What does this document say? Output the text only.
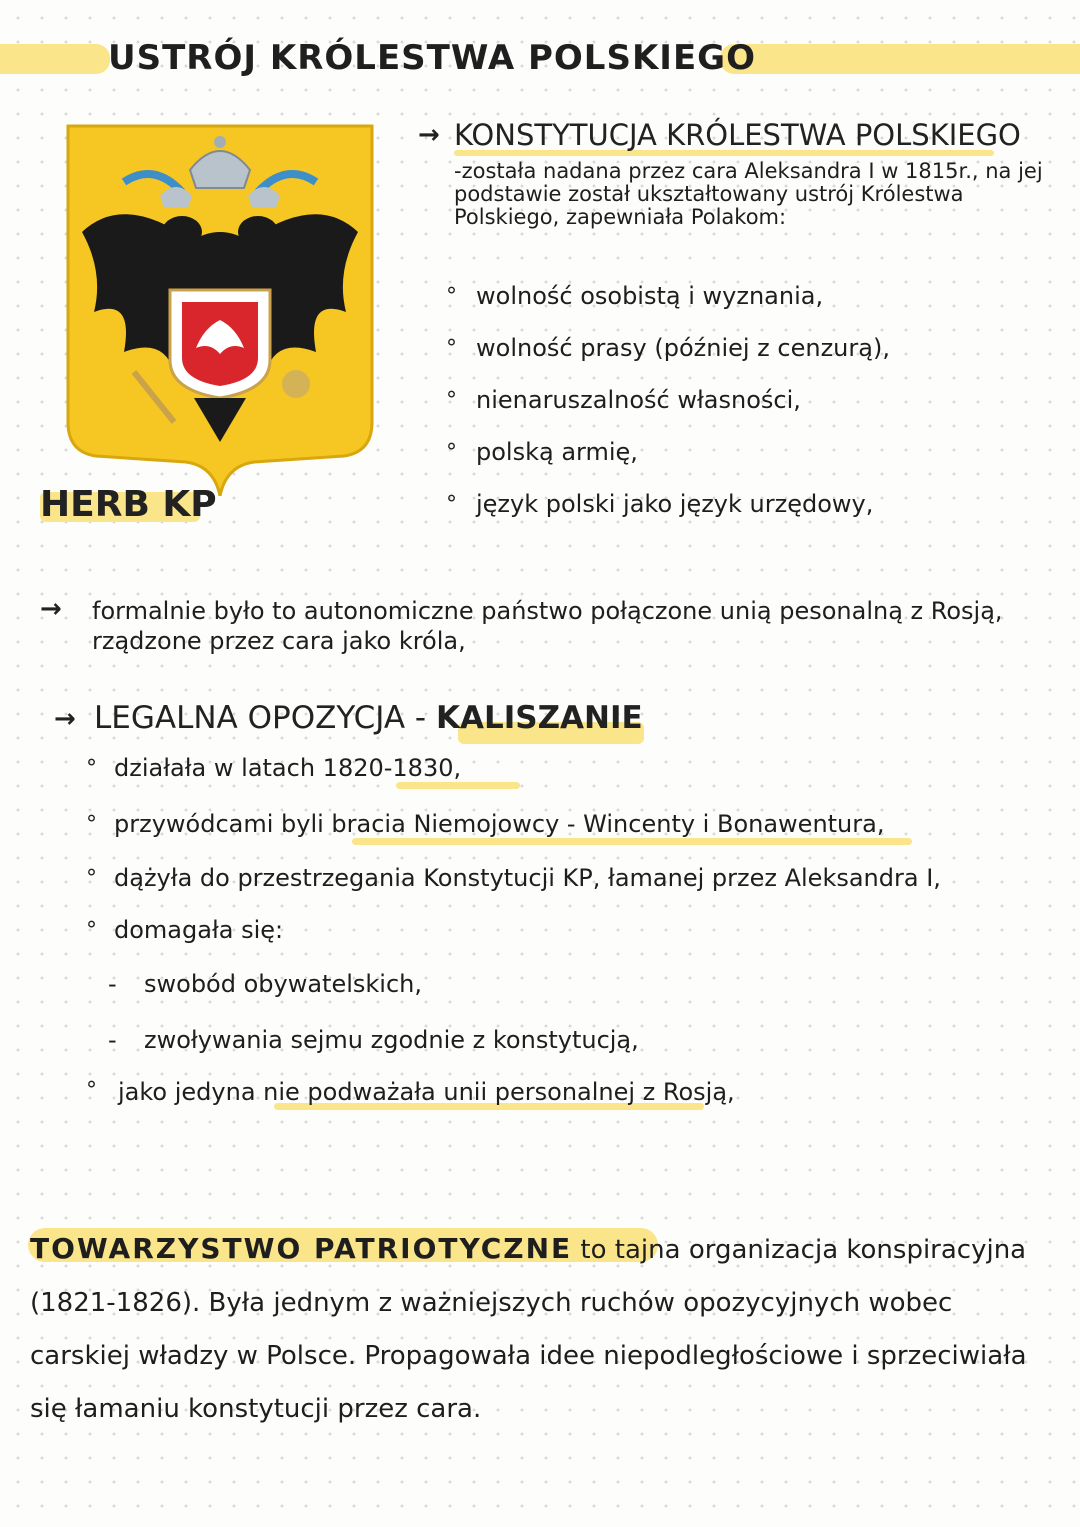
USTRÓJ KRÓLESTWA POLSKIEGO
HERB KP
→ KONSTYTUCJA KRÓLESTWA POLSKIEGO
-została nadana przez cara Aleksandra I w 1815r., na jej podstawie został ukształtowany ustrój Królestwa Polskiego, zapewniała Polakom:
° wolność osobistą i wyznania,
° wolność prasy (później z cenzurą),
° nienaruszalność własności,
° polską armię,
° język polski jako język urzędowy,
→ formalnie było to autonomiczne państwo połączone unią pesonalną z Rosją, rządzone przez cara jako króla,
→ LEGALNA OPOZYCJA - KALISZANIE
° działała w latach 1820-1830,
° przywódcami byli bracia Niemojowcy - Wincenty i Bonawentura,
° dążyła do przestrzegania Konstytucji KP, łamanej przez Aleksandra I,
° domagała się:
- swobód obywatelskich,
- zwoływania sejmu zgodnie z konstytucją,
° jako jedyna nie podważała unii personalnej z Rosją,
TOWARZYSTWO PATRIOTYCZNE to tajna organizacja konspiracyjna (1821-1826). Była jednym z ważniejszych ruchów opozycyjnych wobec carskiej władzy w Polsce. Propagowała idee niepodległościowe i sprzeciwiała się łamaniu konstytucji przez cara.
